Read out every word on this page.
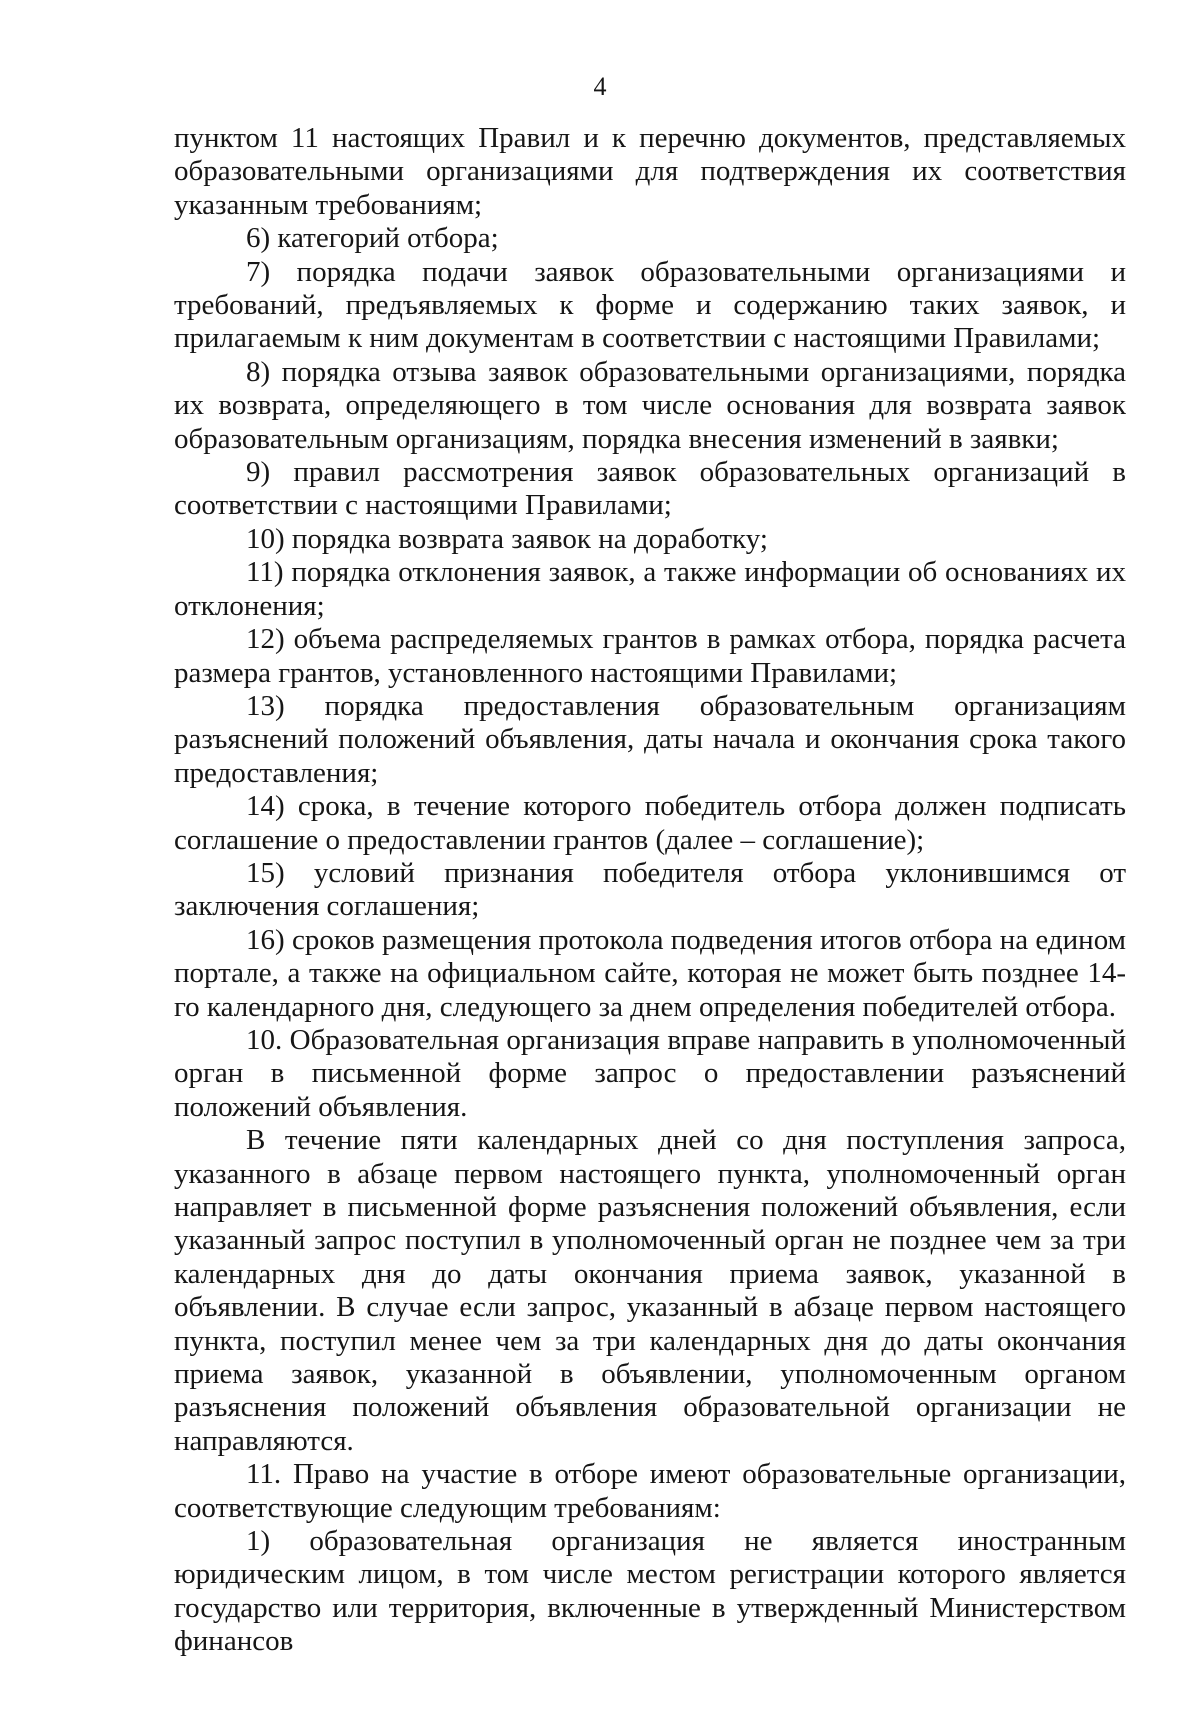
4

пунктом 11 настоящих Правил и к перечню документов, представляемых образовательными организациями для подтверждения их соответствия указанным требованиям;

6) категорий отбора;

7) порядка подачи заявок образовательными организациями и требований, предъявляемых к форме и содержанию таких заявок, и прилагаемым к ним документам в соответствии с настоящими Правилами;

8) порядка отзыва заявок образовательными организациями, порядка их возврата, определяющего в том числе основания для возврата заявок образовательным организациям, порядка внесения изменений в заявки;

9) правил рассмотрения заявок образовательных организаций в соответствии с настоящими Правилами;

10) порядка возврата заявок на доработку;

11) порядка отклонения заявок, а также информации об основаниях их отклонения;

12) объема распределяемых грантов в рамках отбора, порядка расчета размера грантов, установленного настоящими Правилами;

13) порядка предоставления образовательным организациям разъяснений положений объявления, даты начала и окончания срока такого предоставления;

14) срока, в течение которого победитель отбора должен подписать соглашение о предоставлении грантов (далее – соглашение);

15) условий признания победителя отбора уклонившимся от заключения соглашения;

16) сроков размещения протокола подведения итогов отбора на едином портале, а также на официальном сайте, которая не может быть позднее 14-го календарного дня, следующего за днем определения победителей отбора.

10. Образовательная организация вправе направить в уполномоченный орган в письменной форме запрос о предоставлении разъяснений положений объявления.

В течение пяти календарных дней со дня поступления запроса, указанного в абзаце первом настоящего пункта, уполномоченный орган направляет в письменной форме разъяснения положений объявления, если указанный запрос поступил в уполномоченный орган не позднее чем за три календарных дня до даты окончания приема заявок, указанной в объявлении. В случае если запрос, указанный в абзаце первом настоящего пункта, поступил менее чем за три календарных дня до даты окончания приема заявок, указанной в объявлении, уполномоченным органом разъяснения положений объявления образовательной организации не направляются.

11. Право на участие в отборе имеют образовательные организации, соответствующие следующим требованиям:

1) образовательная организация не является иностранным юридическим лицом, в том числе местом регистрации которого является государство или территория, включенные в утвержденный Министерством финансов
